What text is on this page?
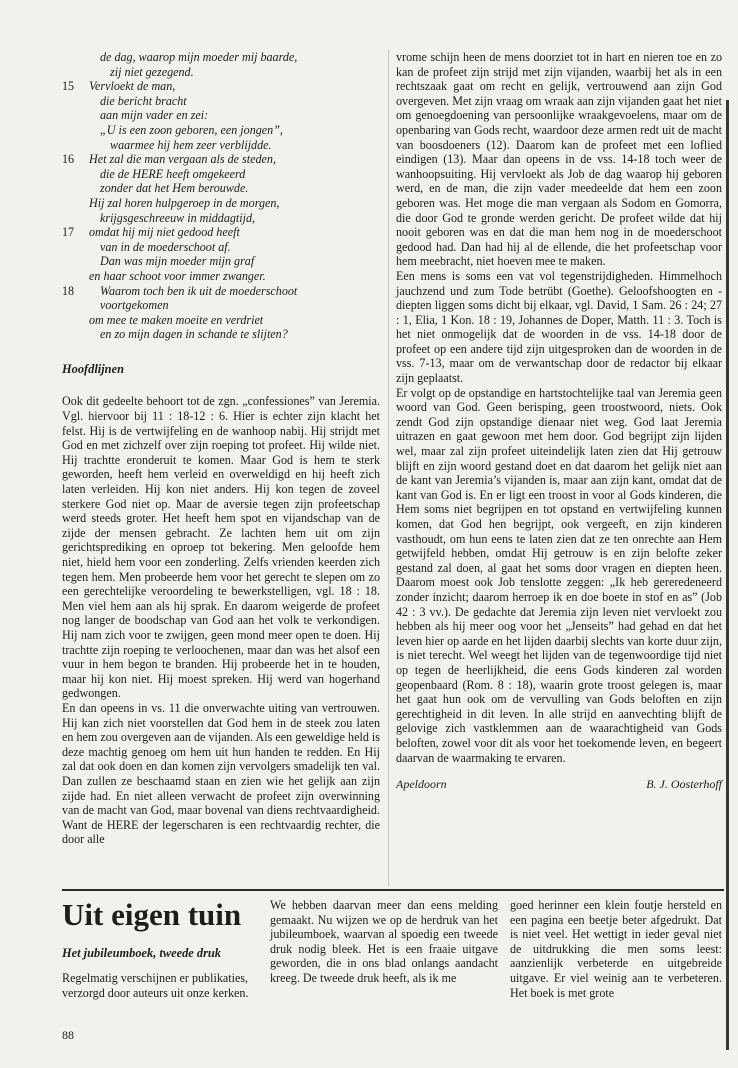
de dag, waarop mijn moeder mij baarde,
zij niet gezegend.
15 Vervloekt de man,
die bericht bracht
aan mijn vader en zei:
„U is een zoon geboren, een jongen”,
waarmee hij hem zeer verblijdde.
16 Het zal die man vergaan als de steden,
die de HERE heeft omgekeerd
zonder dat het Hem berouwde.
Hij zal horen hulpgeroep in de morgen,
krijgsgeschreeuw in middagtijd,
17 omdat hij mij niet gedood heeft
van in de moederschoot af.
Dan was mijn moeder mijn graf
en haar schoot voor immer zwanger.
18 Waarom toch ben ik uit de moederschoot
voortgekomen
om mee te maken moeite en verdriet
en zo mijn dagen in schande te slijten?
Hoofdlijnen

Ook dit gedeelte behoort tot de zgn. „confessiones” van Jeremia. Vgl. hiervoor bij 11 : 18-12 : 6. Hier is echter zijn klacht het felst. Hij is de vertwijfeling en de wanhoop nabij. Hij strijdt met God en met zichzelf over zijn roeping tot profeet. Hij wilde niet. Hij trachtte eronderuit te komen. Maar God is hem te sterk geworden, heeft hem verleid en overweldigd en hij heeft zich laten verleiden. Hij kon niet anders. Hij kon tegen de zoveel sterkere God niet op. Maar de aversie tegen zijn profeetschap werd steeds groter. Het heeft hem spot en vijandschap van de zijde der mensen gebracht. Ze lachten hem uit om zijn gerichtsprediking en oproep tot bekering. Men geloofde hem niet, hield hem voor een zonderling. Zelfs vrienden keerden zich tegen hem. Men probeerde hem voor het gerecht te slepen om zo een gerechtelijke veroordeling te bewerkstelligen, vgl. 18 : 18. Men viel hem aan als hij sprak. En daarom weigerde de profeet nog langer de boodschap van God aan het volk te verkondigen. Hij nam zich voor te zwijgen, geen mond meer open te doen. Hij trachtte zijn roeping te verloochenen, maar dan was het alsof een vuur in hem begon te branden. Hij probeerde het in te houden, maar hij kon niet. Hij moest spreken. Hij werd van hogerhand gedwongen.

En dan opeens in vs. 11 die onverwachte uiting van vertrouwen. Hij kan zich niet voorstellen dat God hem in de steek zou laten en hem zou overgeven aan de vijanden. Als een geweldige held is deze machtig genoeg om hem uit hun handen te redden. En Hij zal dat ook doen en dan komen zijn vervolgers smadelijk ten val. Dan zullen ze beschaamd staan en zien wie het gelijk aan zijn zijde had. En niet alleen verwacht de profeet zijn overwinning van de macht van God, maar bovenal van diens rechtvaardigheid. Want de HERE der legerscharen is een rechtvaardig rechter, die door alle

vrome schijn heen de mens doorziet tot in hart en nieren toe en zo kan de profeet zijn strijd met zijn vijanden, waarbij het als in een rechtszaak gaat om recht en gelijk, vertrouwend aan zijn God overgeven. Met zijn vraag om wraak aan zijn vijanden gaat het niet om genoegdoening van persoonlijke wraakgevoelens, maar om de openbaring van Gods recht, waardoor deze armen redt uit de macht van boosdoeners (12). Daarom kan de profeet met een loflied eindigen (13). Maar dan opeens in de vss. 14-18 toch weer de wanhoopsuiting. Hij vervloekt als Job de dag waarop hij geboren werd, en de man, die zijn vader meedeelde dat hem een zoon geboren was. Het moge die man vergaan als Sodom en Gomorra, die door God te gronde werden gericht. De profeet wilde dat hij nooit geboren was en dat die man hem nog in de moederschoot gedood had. Dan had hij al de ellende, die het profeetschap voor hem meebracht, niet hoeven mee te maken.

Een mens is soms een vat vol tegenstrijdigheden. Himmelhoch jauchzend und zum Tode betrübt (Goethe). Geloofshoogten en -diepten liggen soms dicht bij elkaar, vgl. David, 1 Sam. 26 : 24; 27 : 1, Elia, 1 Kon. 18 : 19, Johannes de Doper, Matth. 11 : 3. Toch is het niet onmogelijk dat de woorden in de vss. 14-18 door de profeet op een andere tijd zijn uitgesproken dan de woorden in de vss. 7-13, maar om de verwantschap door de redactor bij elkaar zijn geplaatst.

Er volgt op de opstandige en hartstochtelijke taal van Jeremia geen woord van God. Geen berisping, geen troostwoord, niets. Ook zendt God zijn opstandige dienaar niet weg. God laat Jeremia uitrazen en gaat gewoon met hem door. God begrijpt zijn lijden wel, maar zal zijn profeet uiteindelijk laten zien dat Hij getrouw blijft en zijn woord gestand doet en dat daarom het gelijk niet aan de kant van Jeremia’s vijanden is, maar aan zijn kant, omdat dat de kant van God is. En er ligt een troost in voor al Gods kinderen, die Hem soms niet begrijpen en tot opstand en vertwijfeling kunnen komen, dat God hen begrijpt, ook vergeeft, en zijn kinderen vasthoudt, om hun eens te laten zien dat ze ten onrechte aan Hem getwijfeld hebben, omdat Hij getrouw is en zijn belofte zeker gestand zal doen, al gaat het soms door vragen en diepten heen. Daarom moest ook Job tenslotte zeggen: „Ik heb gereredeneerd zonder inzicht; daarom herroep ik en doe boete in stof en as” (Job 42 : 3 vv.). De gedachte dat Jeremia zijn leven niet vervloekt zou hebben als hij meer oog voor het „Jenseits” had gehad en dat het leven hier op aarde en het lijden daarbij slechts van korte duur zijn, is niet terecht. Wel weegt het lijden van de tegenwoordige tijd niet op tegen de heerlijkheid, die eens Gods kinderen zal worden geopenbaard (Rom. 8 : 18), waarin grote troost gelegen is, maar het gaat hun ook om de vervulling van Gods beloften en zijn gerechtigheid in dit leven. In alle strijd en aanvechting blijft de gelovige zich vastklemmen aan de waarachtigheid van Gods beloften, zowel voor dit als voor het toekomende leven, en begeert daarvan de waarmaking te ervaren.

Apeldoorn	B. J. Oosterhoff
Uit eigen tuin
Het jubileumboek, tweede druk

Regelmatig verschijnen er publikaties, verzorgd door auteurs uit onze kerken.

We hebben daarvan meer dan eens melding gemaakt. Nu wijzen we op de herdruk van het jubileumboek, waarvan al spoedig een tweede druk nodig bleek. Het is een fraaie uitgave geworden, die in ons blad onlangs aandacht kreeg. De tweede druk heeft, als ik me

goed herinner een klein foutje hersteld en een pagina een beetje beter afgedrukt. Dat is niet veel. Het wettigt in ieder geval niet de uitdrukking die men soms leest: aanzienlijk verbeterde en uitgebreide uitgave. Er viel weinig aan te verbeteren. Het boek is met grote

88
